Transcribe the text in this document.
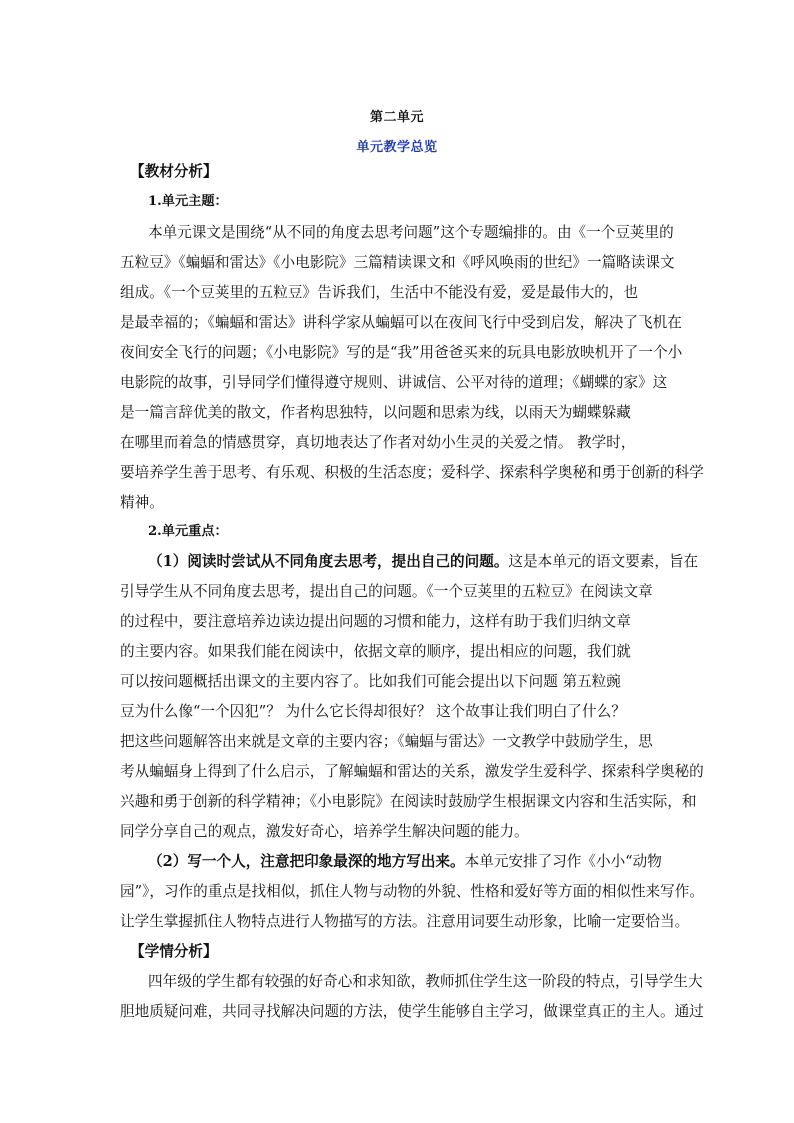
第二单元
单元教学总览
【教材分析】
1.单元主题：
本单元课文是围绕“从不同的角度去思考问题”这个专题编排的。由《一个豆荚里的
五粒豆》《蝙蝠和雷达》《小电影院》三篇精读课文和《呼风唤雨的世纪》一篇略读课文
组成。《一个豆荚里的五粒豆》告诉我们，生活中不能没有爱，爱是最伟大的，也
是最幸福的；《蝙蝠和雷达》讲科学家从蝙蝠可以在夜间飞行中受到启发，解决了飞机在
夜间安全飞行的问题；《小电影院》写的是“我”用爸爸买来的玩具电影放映机开了一个小
电影院的故事，引导同学们懂得遵守规则、讲诚信、公平对待的道理；《蝴蝶的家》这
是一篇言辞优美的散文，作者构思独特，以问题和思索为线，以雨天为蝴蝶躲藏
在哪里而着急的情感贯穿，真切地表达了作者对幼小生灵的关爱之情。 教学时，
要培养学生善于思考、有乐观、积极的生活态度；爱科学、探索科学奥秘和勇于创新的科学
精神。
2.单元重点：
（1）阅读时尝试从不同角度去思考，提出自己的问题。这是本单元的语文要素，旨在
引导学生从不同角度去思考，提出自己的问题。《一个豆荚里的五粒豆》在阅读文章
的过程中，要注意培养边读边提出问题的习惯和能力，这样有助于我们归纳文章
的主要内容。如果我们能在阅读中，依据文章的顺序，提出相应的问题，我们就
可以按问题概括出课文的主要内容了。比如我们可能会提出以下问题 第五粒豌
豆为什么像“一个囚犯”？ 为什么它长得却很好？ 这个故事让我们明白了什么？
把这些问题解答出来就是文章的主要内容；《蝙蝠与雷达》一文教学中鼓励学生，思
考从蝙蝠身上得到了什么启示，了解蝙蝠和雷达的关系，激发学生爱科学、探索科学奥秘的
兴趣和勇于创新的科学精神；《小电影院》在阅读时鼓励学生根据课文内容和生活实际，和
同学分享自己的观点，激发好奇心，培养学生解决问题的能力。
（2）写一个人，注意把印象最深的地方写出来。本单元安排了习作《小小“动物
园”》，习作的重点是找相似，抓住人物与动物的外貌、性格和爱好等方面的相似性来写作。
让学生掌握抓住人物特点进行人物描写的方法。注意用词要生动形象，比喻一定要恰当。
【学情分析】
四年级的学生都有较强的好奇心和求知欲，教师抓住学生这一阶段的特点，引导学生大
胆地质疑问难，共同寻找解决问题的方法，使学生能够自主学习，做课堂真正的主人。通过
